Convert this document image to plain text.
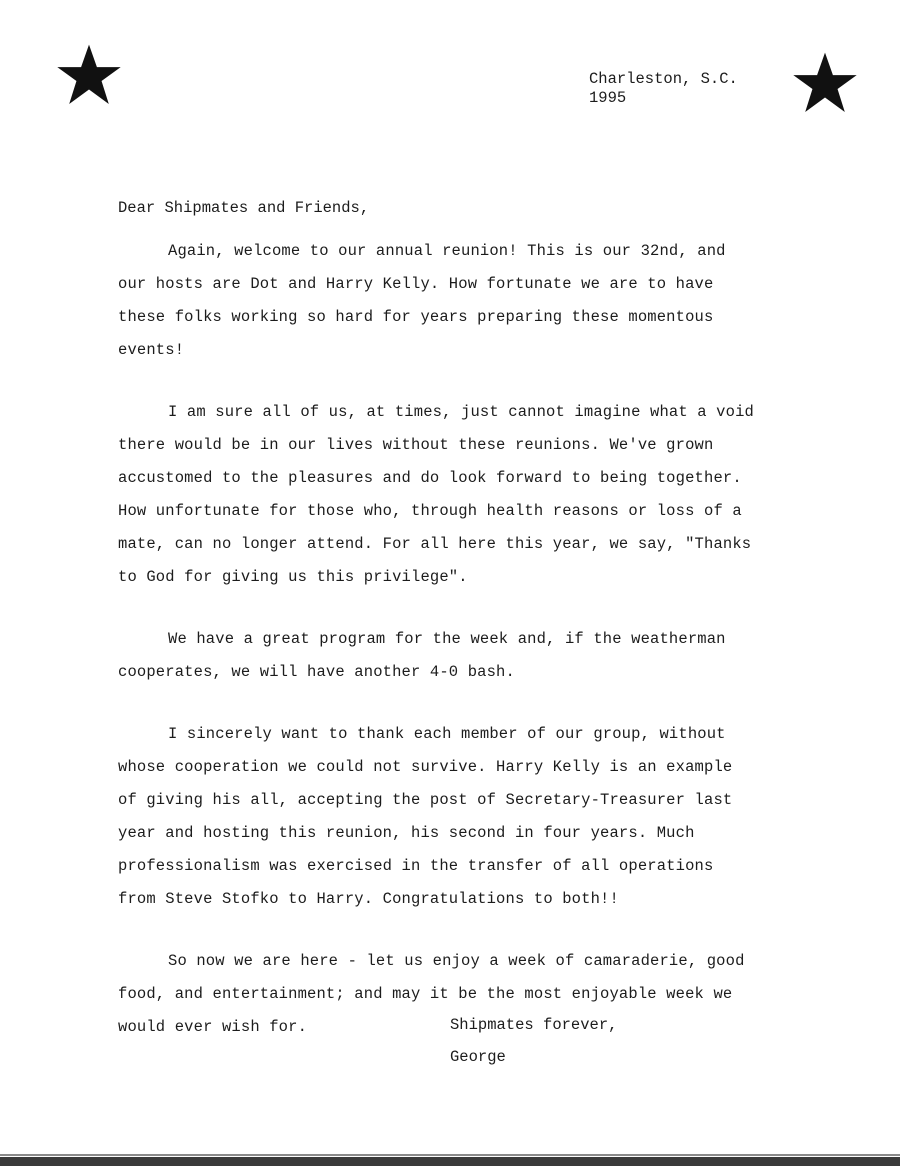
Charleston, S.C.
1995
Dear Shipmates and Friends,
Again, welcome to our annual reunion! This is our 32nd, and
our hosts are Dot and Harry Kelly. How fortunate we are to have
these folks working so hard for years preparing these momentous
events!
I am sure all of us, at times, just cannot imagine what a void
there would be in our lives without these reunions. We've grown
accustomed to the pleasures and do look forward to being together.
How unfortunate for those who, through health reasons or loss of a
mate, can no longer attend. For all here this year, we say, "Thanks
to God for giving us this privilege".
We have a great program for the week and, if the weatherman
cooperates, we will have another 4-0 bash.
I sincerely want to thank each member of our group, without
whose cooperation we could not survive. Harry Kelly is an example
of giving his all, accepting the post of Secretary-Treasurer last
year and hosting this reunion, his second in four years. Much
professionalism was exercised in the transfer of all operations
from Steve Stofko to Harry. Congratulations to both!!
So now we are here - let us enjoy a week of camaraderie, good
food, and entertainment; and may it be the most enjoyable week we
would ever wish for.	Shipmates forever,
George
